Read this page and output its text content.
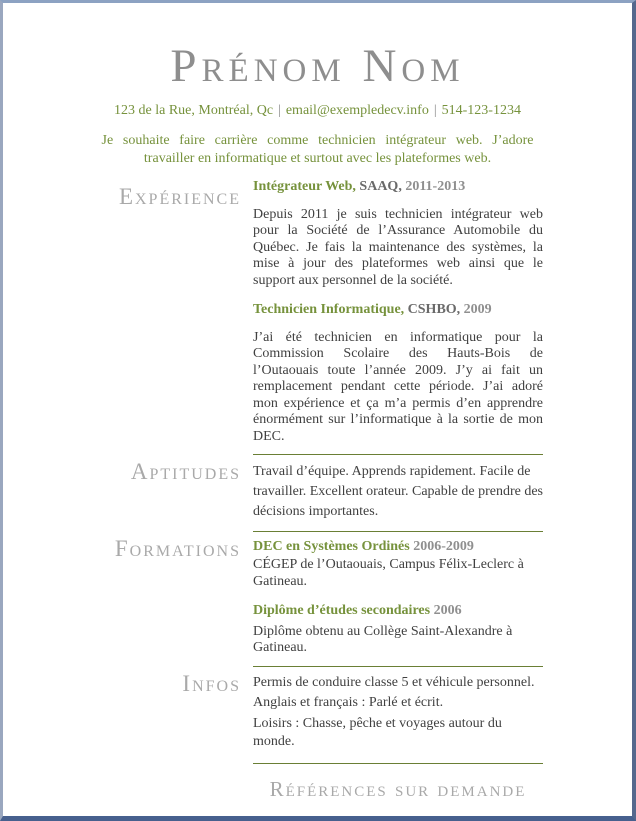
Prénom Nom
123 de la Rue, Montréal, Qc | email@exempledecv.info | 514-123-1234
Je souhaite faire carrière comme technicien intégrateur web. J’adore travailler en informatique et surtout avec les plateformes web.
Expérience Intégrateur Web, SAAQ, 2011-2013

Depuis 2011 je suis technicien intégrateur web pour la Société de l’Assurance Automobile du Québec. Je fais la maintenance des systèmes, la mise à jour des plateformes web ainsi que le support aux personnel de la société.

Technicien Informatique, CSHBO, 2009

J’ai été technicien en informatique pour la Commission Scolaire des Hauts-Bois de l’Outaouais toute l’année 2009. J’y ai fait un remplacement pendant cette période. J’ai adoré mon expérience et ça m’a permis d’en apprendre énormément sur l’informatique à la sortie de mon DEC.

Aptitudes Travail d’équipe. Apprends rapidement. Facile de travailler. Excellent orateur. Capable de prendre des décisions importantes.

Formations DEC en Systèmes Ordinés 2006-2009

CÉGEP de l’Outaouais, Campus Félix-Leclerc à Gatineau.

Diplôme d’études secondaires 2006

Diplôme obtenu au Collège Saint-Alexandre à Gatineau.

Infos Permis de conduire classe 5 et véhicule personnel.

Anglais et français : Parlé et écrit.

Loisirs : Chasse, pêche et voyages autour du monde.

Références sur demande
